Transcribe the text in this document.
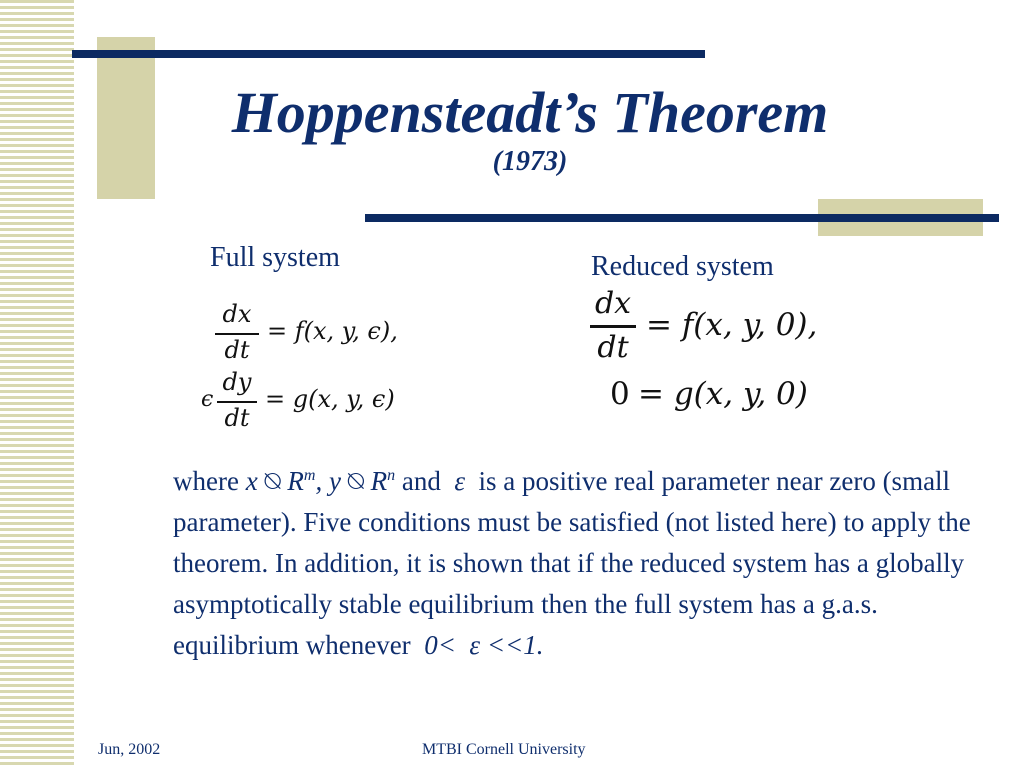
Hoppensteadt’s Theorem
(1973)
Full system	Reduced system
dx
dt
= f(x, y, ϵ),
ϵ
dy
dt
= g(x, y, ϵ)
dx
dt
= f(x, y, 0),
0 = g(x, y, 0)
where x ⍉ $R^m$, y ⍉ $R^n$ and ε is a positive real parameter near zero (small parameter). Five conditions must be satisfied (not listed here) to apply the theorem. In addition, it is shown that if the reduced system has a globally asymptotically stable equilibrium then the full system has a g.a.s. equilibrium whenever 0< ε <<1.
Jun, 2002	MTBI Cornell University
